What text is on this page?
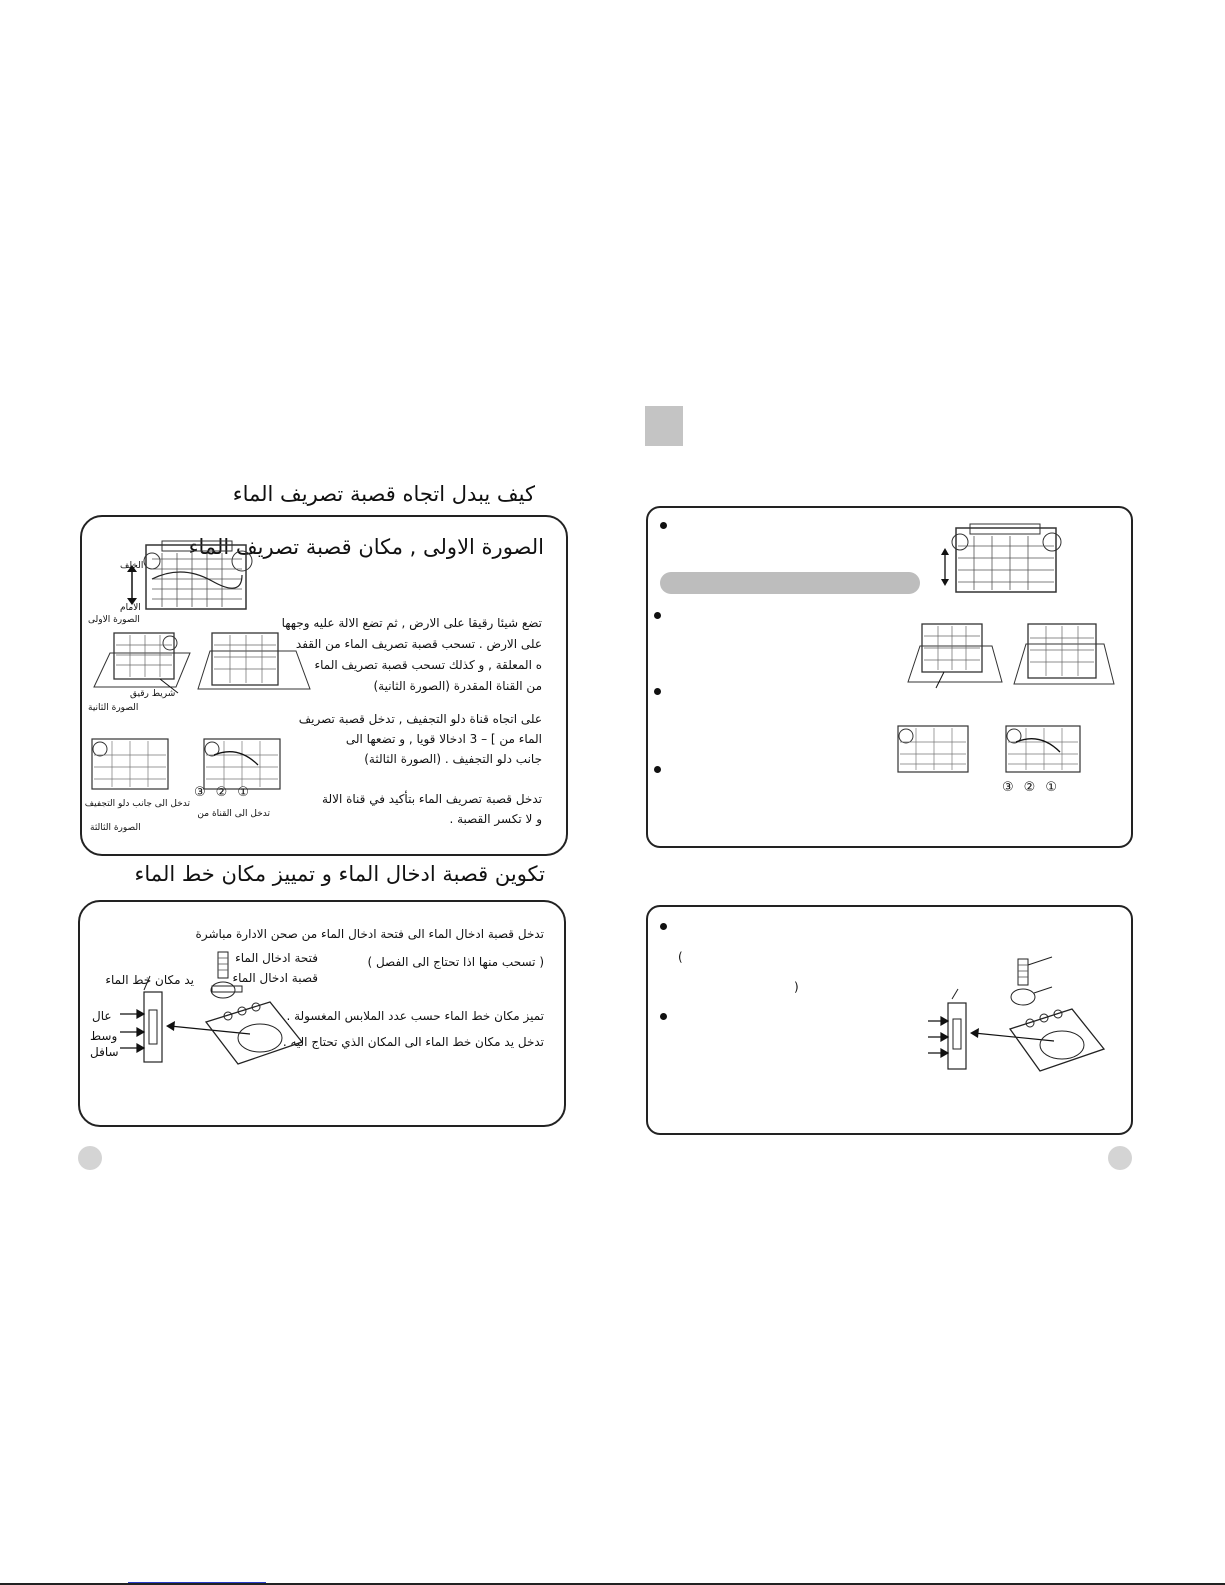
كيف يبدل اتجاه قصبة تصريف الماء
الصورة الاولى , مكان قصبة تصريف الماء
الخلف
الامام
الصورة الاولى
شريط رقيق
الصورة الثانية
③②①
تدخل الى جانب دلو التجفيف
تدخل الى القناة من
الصورة الثالثة
تضع شيئا رقيقا على الارض , ثم تضع الالة عليه وجهها
على الارض . تسحب قصبة تصريف الماء من القفد
ه المعلقة , و كذلك تسحب قصبة تصريف الماء
من القناة المقدرة (الصورة الثانية)
على اتجاه قناة دلو التجفيف , تدخل قصبة تصريف
الماء من ] – 3 ادخالا قويا , و تضعها الى
جانب دلو التجفيف . (الصورة الثالثة)
تدخل قصبة تصريف الماء بتأكيد في قناة الالة
و لا تكسر القصبة .
تكوين قصبة ادخال الماء و تمييز مكان خط الماء
تدخل قصبة ادخال الماء الى فتحة ادخال الماء من صحن الادارة مباشرة
( تسحب منها اذا تحتاج الى الفصل )
تميز مكان خط الماء حسب عدد الملابس المغسولة .
تدخل يد مكان خط الماء الى المكان الذي تحتاج اليه .
فتحة ادخال الماء
قصبة ادخال الماء
يد مكان خط الماء
عال
وسط
سافل
③②①
(
)
